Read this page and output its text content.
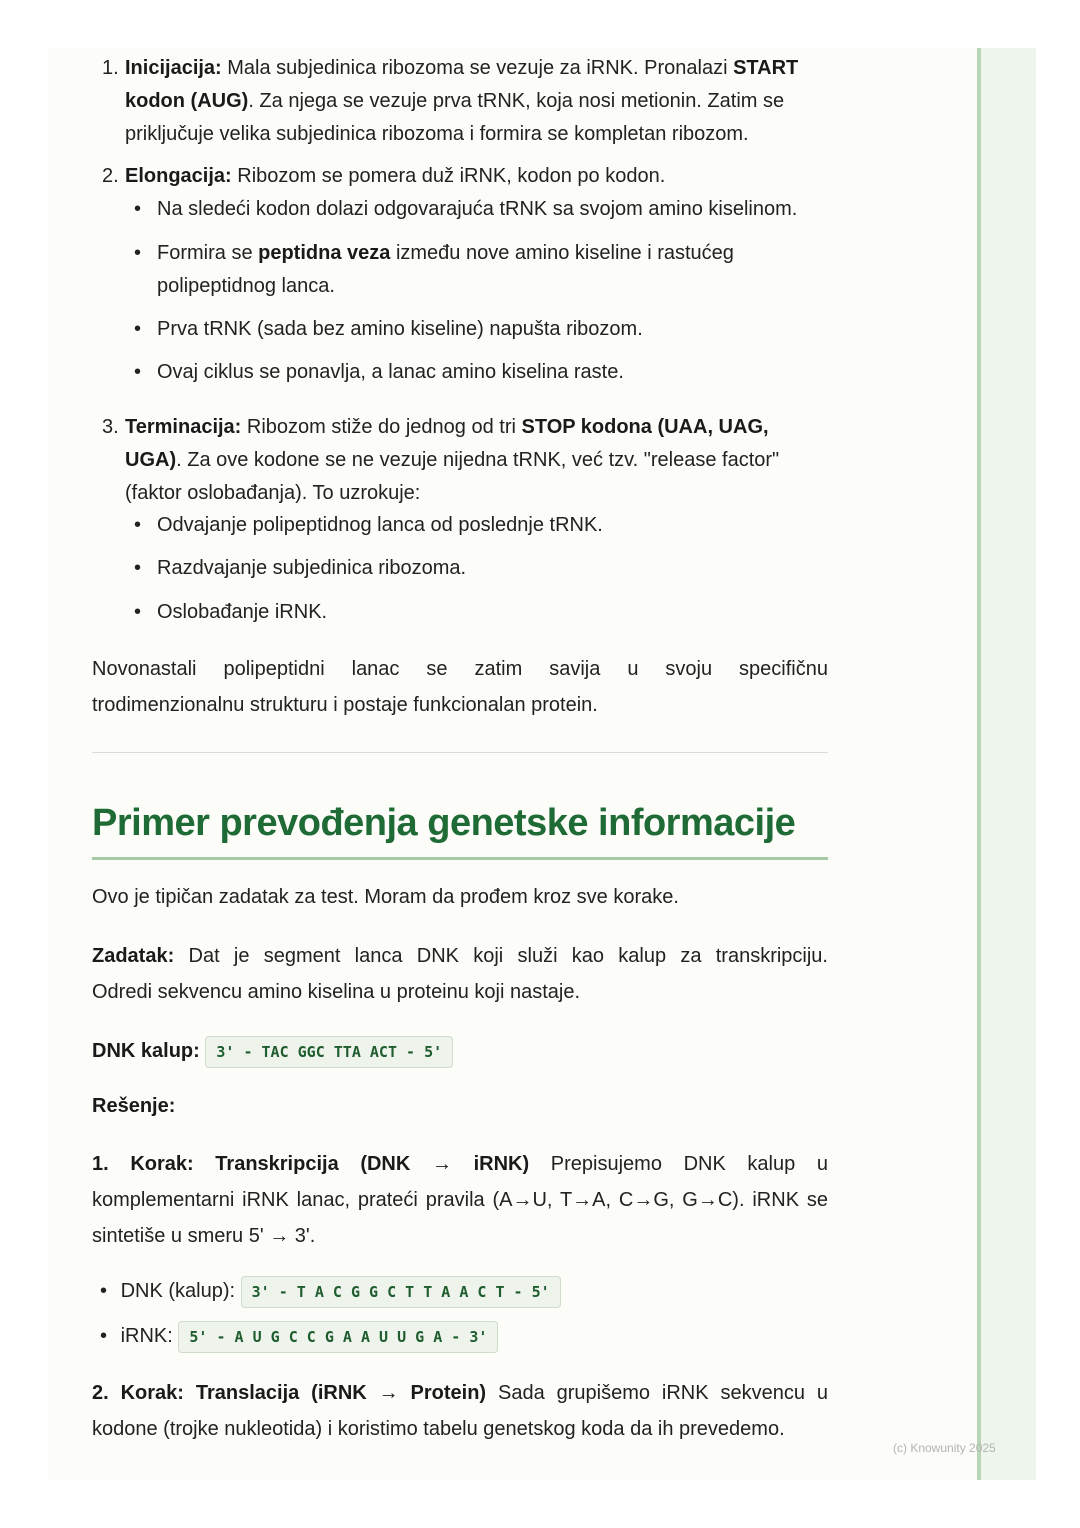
1. Inicijacija: Mala subjedinica ribozoma se vezuje za iRNK. Pronalazi START
kodon (AUG). Za njega se vezuje prva tRNK, koja nosi metionin. Zatim se
priključuje velika subjedinica ribozoma i formira se kompletan ribozom.
2. Elongacija: Ribozom se pomera duž iRNK, kodon po kodon.
• Na sledeći kodon dolazi odgovarajuća tRNK sa svojom amino kiselinom.
• Formira se peptidna veza između nove amino kiseline i rastućeg
polipeptidnog lanca.
• Prva tRNK (sada bez amino kiseline) napušta ribozom.
• Ovaj ciklus se ponavlja, a lanac amino kiselina raste.
3. Terminacija: Ribozom stiže do jednog od tri STOP kodona (UAA, UAG,
UGA). Za ove kodone se ne vezuje nijedna tRNK, već tzv. "release factor"
(faktor oslobađanja). To uzrokuje:
• Odvajanje polipeptidnog lanca od poslednje tRNK.
• Razdvajanje subjedinica ribozoma.
• Oslobađanje iRNK.
Novonastali polipeptidni lanac se zatim savija u svoju specifičnu
trodimenzionalnu strukturu i postaje funkcionalan protein.
Primer prevođenja genetske informacije
Ovo je tipičan zadatak za test. Moram da prođem kroz sve korake.
Zadatak: Dat je segment lanca DNK koji služi kao kalup za transkripciju.
Odredi sekvencu amino kiselina u proteinu koji nastaje.
DNK kalup: 3' - TAC GGC TTA ACT - 5'
Rešenje:
1. Korak: Transkripcija (DNK → iRNK) Prepisujemo DNK kalup u
komplementarni iRNK lanac, prateći pravila (A→U, T→A, C→G, G→C). iRNK se
sintetiše u smeru 5' → 3'.
• DNK (kalup): 3' - T A C G G C T T A A C T - 5'
• iRNK: 5' - A U G C C G A A U U G A - 3'
2. Korak: Translacija (iRNK → Protein) Sada grupišemo iRNK sekvencu u
kodone (trojke nukleotida) i koristimo tabelu genetskog koda da ih prevedemo.
(c) Knowunity 2025
